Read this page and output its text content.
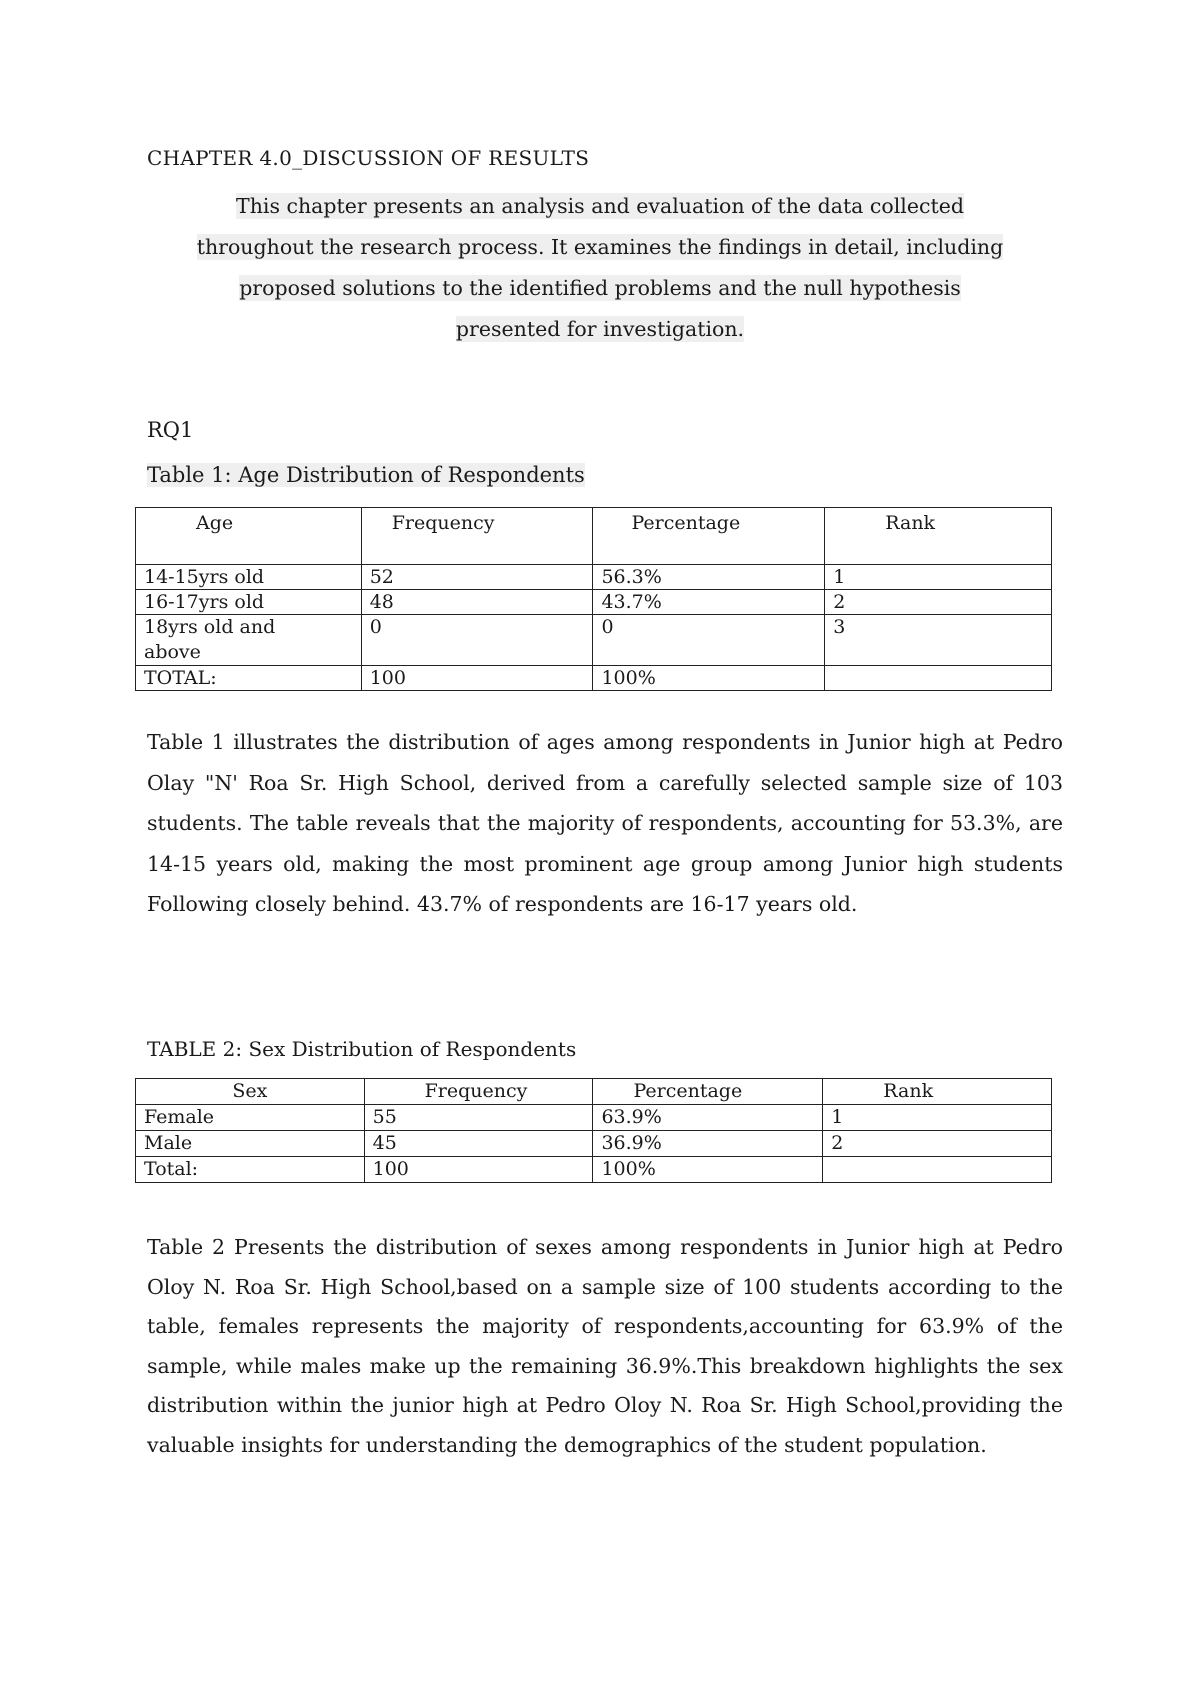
CHAPTER 4.0_DISCUSSION OF RESULTS
This chapter presents an analysis and evaluation of the data collected
throughout the research process. It examines the findings in detail, including
proposed solutions to the identified problems and the null hypothesis
presented for investigation.
RQ1
Table 1: Age Distribution of Respondents
Age	Frequency	Percentage	Rank
14-15yrs old	52	56.3%	1
16-17yrs old	48	43.7%	2

18yrs old and
above	0	0	3
TOTAL:	100	100%	
Table 1 illustrates the distribution of ages among respondents in Junior high at Pedro Olay "N' Roa Sr. High School, derived from a carefully selected sample size of 103 students. The table reveals that the majority of respondents, accounting for 53.3%, are 14-15 years old, making the most prominent age group among Junior high students Following closely behind. 43.7% of respondents are 16-17 years old.
TABLE 2: Sex Distribution of Respondents
Sex	Frequency	Percentage	Rank
Female	55	63.9%	1
Male	45	36.9%	2
Total:	100	100%	
Table 2 Presents the distribution of sexes among respondents in Junior high at Pedro Oloy N. Roa Sr. High School,based on a sample size of 100 students according to the table, females represents the majority of respondents,accounting for 63.9% of the sample, while males make up the remaining 36.9%.This breakdown highlights the sex distribution within the junior high at Pedro Oloy N. Roa Sr. High School,providing the valuable insights for understanding the demographics of the student population.
